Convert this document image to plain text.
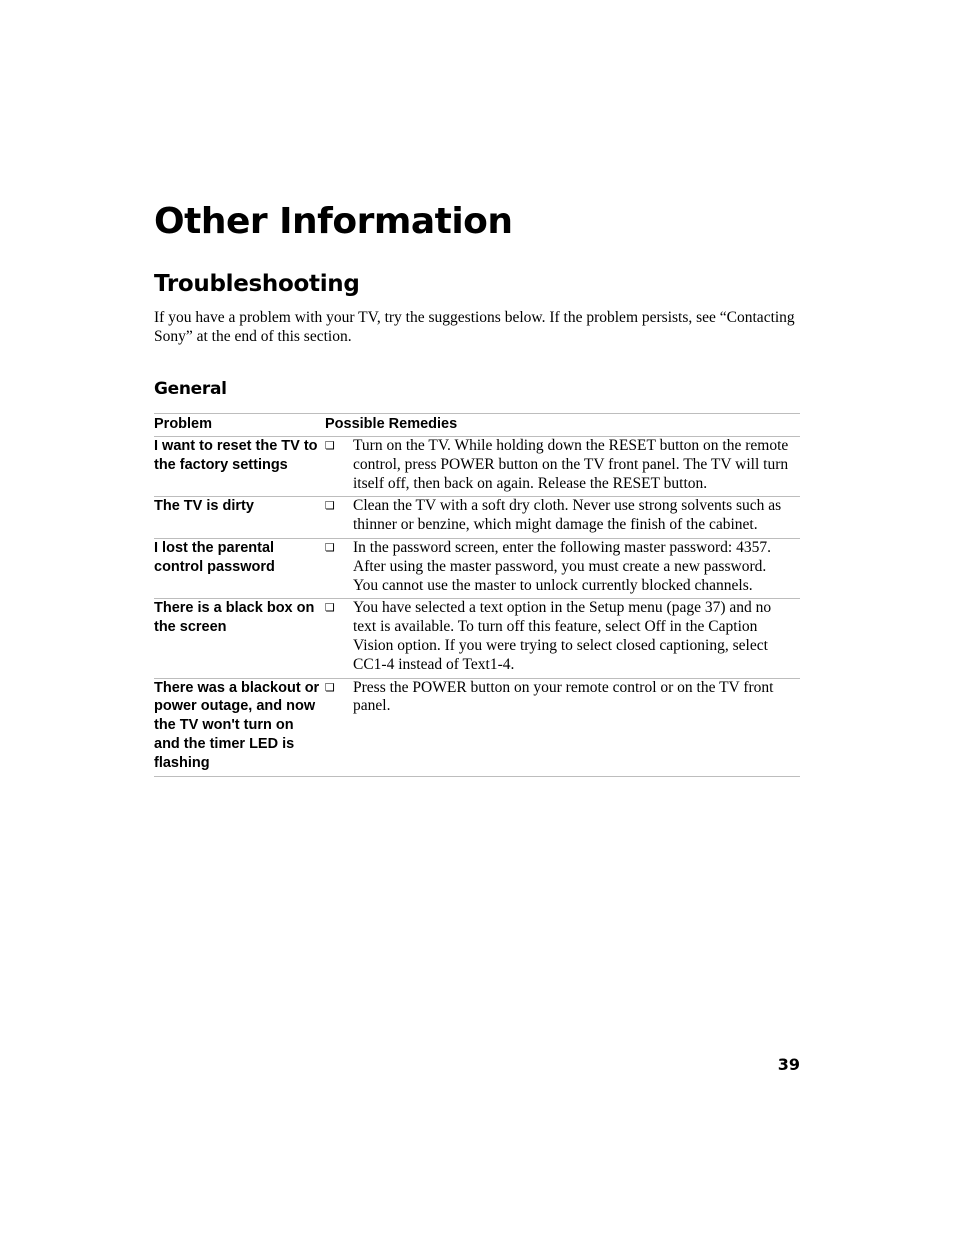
Other Information
Troubleshooting

If you have a problem with your TV, try the suggestions below. If the problem persists, see “Contacting Sony” at the end of this section.

General
Problem	Possible Remedies
I want to reset the TV to the factory settings	❏ Turn on the TV. While holding down the RESET button on the remote control, press POWER button on the TV front panel. The TV will turn itself off, then back on again. Release the RESET button.

The TV is dirty	❏ Clean the TV with a soft dry cloth. Never use strong solvents such as thinner or benzine, which might damage the finish of the cabinet.

I lost the parental control password	❏ In the password screen, enter the following master password: 4357. After using the master password, you must create a new password. You cannot use the master to unlock currently blocked channels.

There is a black box on the screen	❏ You have selected a text option in the Setup menu (page 37) and no text is available. To turn off this feature, select Off in the Caption Vision option. If you were trying to select closed captioning, select CC1-4 instead of Text1-4.

There was a blackout or power outage, and now the TV won't turn on and the timer LED is flashing	❏ Press the POWER button on your remote control or on the TV front panel.
39
